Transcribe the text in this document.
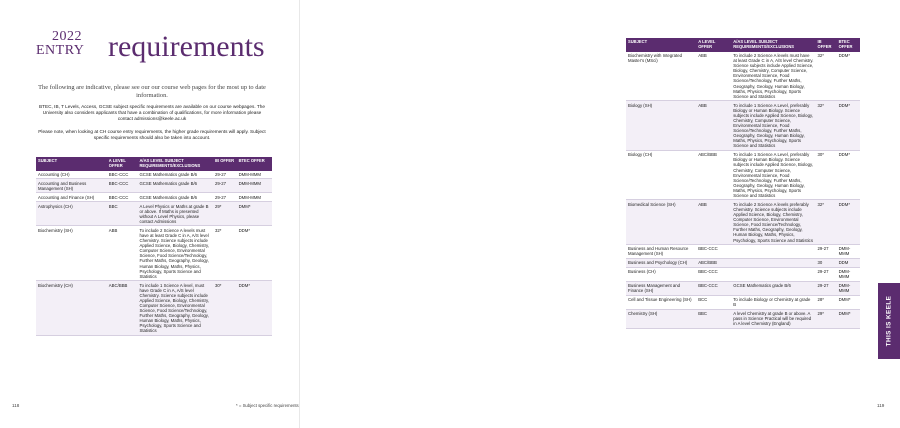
2022
ENTRY requirements
The following are indicative, please see our our course web pages for the most up to date information.
BTEC, IB, T Levels, Access, GCSE subject specific requirements are available on our course webpages. The University also considers applicants that have a combination of qualifications, for more information please contact admissions@keele.ac.uk
Please note, when looking at CH course entry requirements, the higher grade requirements will apply. Subject specific requirements should also be taken into account.
SUBJECT	A LEVEL OFFER	A/AS LEVEL SUBJECT REQUIREMENTS/EXCLUSIONS	IB OFFER	BTEC OFFER
Accounting (CH)	BBC-CCC	GCSE Mathematics grade B/6	29-27	DMM-MMM
Accounting and Business Management (SH)	BBC-CCC	GCSE Mathematics grade B/6	29-27	DMM-MMM
Accounting and Finance (SH)	BBC-CCC	GCSE Mathematics grade B/6	29-27	DMM-MMM
Astrophysics (CH)	BBC	A Level Physics or Maths at grade B or above. If Maths is presented without A Level Physics, please contact Admissions	29*	DMM*
Biochemistry (SH)	ABB	To include 2 Science A levels must have at least Grade C in A, A/S level Chemistry. Science subjects include Applied Science, Biology, Chemistry, Computer Science, Environmental Science, Food Science/Technology, Further Maths, Geography, Geology, Human Biology, Maths, Physics, Psychology, Sports Science and Statistics	32*	DDM*
Biochemistry (CH)	ABC/BBB	To include 1 Science A level, must have Grade C in A, A/S level Chemistry. Science subjects include Applied Science, Biology, Chemistry, Computer Science, Environmental Science, Food Science/Technology, Further Maths, Geography, Geology, Human Biology, Maths, Physics, Psychology, Sports Science and Statistics	30*	DDM*
118	* = Subject specific requirements
SUBJECT	A LEVEL OFFER	A/AS LEVEL SUBJECT REQUIREMENTS/EXCLUSIONS	IB OFFER	BTEC OFFER
Biochemistry with Integrated Master's (MSci)	ABB	To include 2 Science A levels must have at least Grade C in A, A/S level Chemistry. Science subjects include Applied Science, Biology, Chemistry, Computer Science, Environmental Science, Food Science/Technology, Further Maths, Geography, Geology, Human Biology, Maths, Physics, Psychology, Sports Science and Statistics	32*	DDM*
Biology (SH)	ABB	To include 1 Science A Level, preferably Biology or Human Biology. Science subjects include Applied Science, Biology, Chemistry, Computer Science, Environmental Science, Food Science/Technology, Further Maths, Geography, Geology, Human Biology, Maths, Physics, Psychology, Sports Science and Statistics	32*	DDM*
Biology (CH)	ABC/BBB	To include 1 Science A Level, preferably Biology or Human Biology. Science subjects include Applied Science, Biology, Chemistry, Computer Science, Environmental Science, Food Science/Technology, Further Maths, Geography, Geology, Human Biology, Maths, Physics, Psychology, Sports Science and Statistics	30*	DDM*
Biomedical Science (SH)	ABB	To include 2 Science A levels preferably Chemistry. Science subjects include Applied Science, Biology, Chemistry, Computer Science, Environmental Science, Food Science/Technology, Further Maths, Geography, Geology, Human Biology, Maths, Physics, Psychology, Sports Science and Statistics	32*	DDM*
Business and Human Resource Management (SH)	BBC-CCC		29-27	DMM-MMM
Business and Psychology (CH)	ABC/BBB		30	DDM
Business (CH)	BBC-CCC		29-27	DMM-MMM
Business Management and Finance (SH)	BBC-CCC	GCSE Mathematics grade B/6	29-27	DMM-MMM
Cell and Tissue Engineering (SH)	BCC	To include Biology or Chemistry at grade B	28*	DMM*
Chemistry (SH)	BBC	A level Chemistry at grade B or above. A pass in Science Practical will be required in A level Chemistry (England)	29*	DMM*
119
THIS IS KEELE
